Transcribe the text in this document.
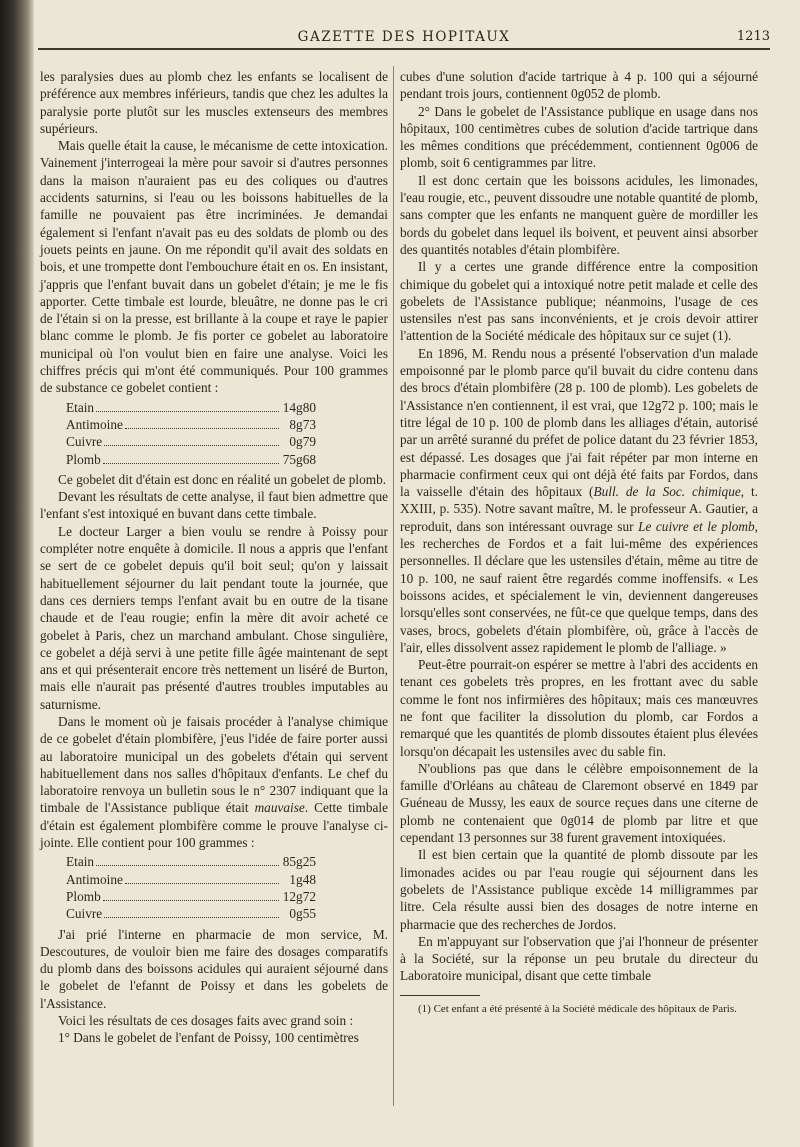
GAZETTE DES HOPITAUX	1213

les paralysies dues au plomb chez les enfants se localisent de préférence aux membres inférieurs, tandis que chez les adultes la paralysie porte plutôt sur les muscles extenseurs des membres supérieurs.

Mais quelle était la cause, le mécanisme de cette intoxication. Vainement j'interrogeai la mère pour savoir si d'autres personnes dans la maison n'auraient pas eu des coliques ou d'autres accidents saturnins, si l'eau ou les boissons habituelles de la famille ne pouvaient pas être incriminées. Je demandai également si l'enfant n'avait pas eu des soldats de plomb ou des jouets peints en jaune. On me répondit qu'il avait des soldats en bois, et une trompette dont l'embouchure était en os. En insistant, j'appris que l'enfant buvait dans un gobelet d'étain; je me le fis apporter. Cette timbale est lourde, bleuâtre, ne donne pas le cri de l'étain si on la presse, est brillante à la coupe et raye le papier blanc comme le plomb. Je fis porter ce gobelet au laboratoire municipal où l'on voulut bien en faire une analyse. Voici les chiffres précis qui m'ont été communiqués. Pour 100 grammes de substance ce gobelet contient :

Etain	14g80
Antimoine	8g73
Cuivre	0g79
Plomb	75g68

Ce gobelet dit d'étain est donc en réalité un gobelet de plomb.

Devant les résultats de cette analyse, il faut bien admettre que l'enfant s'est intoxiqué en buvant dans cette timbale.

Le docteur Larger a bien voulu se rendre à Poissy pour compléter notre enquête à domicile. Il nous a appris que l'enfant se sert de ce gobelet depuis qu'il boit seul; qu'on y laissait habituellement séjourner du lait pendant toute la journée, que dans ces derniers temps l'enfant avait bu en outre de la tisane chaude et de l'eau rougie; enfin la mère dit avoir acheté ce gobelet à Paris, chez un marchand ambulant. Chose singulière, ce gobelet a déjà servi à une petite fille âgée maintenant de sept ans et qui présenterait encore très nettement un liséré de Burton, mais elle n'aurait pas présenté d'autres troubles imputables au saturnisme.

Dans le moment où je faisais procéder à l'analyse chimique de ce gobelet d'étain plombifère, j'eus l'idée de faire porter aussi au laboratoire municipal un des gobelets d'étain qui servent habituellement dans nos salles d'hôpitaux d'enfants. Le chef du laboratoire renvoya un bulletin sous le n° 2307 indiquant que la timbale de l'Assistance publique était mauvaise. Cette timbale d'étain est également plombifère comme le prouve l'analyse ci-jointe. Elle contient pour 100 grammes :

Etain	85g25
Antimoine	1g48
Plomb	12g72
Cuivre	0g55

J'ai prié l'interne en pharmacie de mon service, M. Descoutures, de vouloir bien me faire des dosages comparatifs du plomb dans des boissons acidules qui auraient séjourné dans le gobelet de l'efannt de Poissy et dans les gobelets de l'Assistance.

Voici les résultats de ces dosages faits avec grand soin :

1° Dans le gobelet de l'enfant de Poissy, 100 centimètres

cubes d'une solution d'acide tartrique à 4 p. 100 qui a séjourné pendant trois jours, contiennent 0g052 de plomb.

2° Dans le gobelet de l'Assistance publique en usage dans nos hôpitaux, 100 centimètres cubes de solution d'acide tartrique dans les mêmes conditions que précédemment, contiennent 0g006 de plomb, soit 6 centigrammes par litre.

Il est donc certain que les boissons acidules, les limonades, l'eau rougie, etc., peuvent dissoudre une notable quantité de plomb, sans compter que les enfants ne manquent guère de mordiller les bords du gobelet dans lequel ils boivent, et peuvent ainsi absorber des quantités notables d'étain plombifère.

Il y a certes une grande différence entre la composition chimique du gobelet qui a intoxiqué notre petit malade et celle des gobelets de l'Assistance publique; néanmoins, l'usage de ces ustensiles n'est pas sans inconvénients, et je crois devoir attirer l'attention de la Société médicale des hôpitaux sur ce sujet (1).

En 1896, M. Rendu nous a présenté l'observation d'un malade empoisonné par le plomb parce qu'il buvait du cidre contenu dans des brocs d'étain plombifère (28 p. 100 de plomb). Les gobelets de l'Assistance n'en contiennent, il est vrai, que 12g72 p. 100; mais le titre légal de 10 p. 100 de plomb dans les alliages d'étain, autorisé par un arrêté suranné du préfet de police datant du 23 février 1853, est dépassé. Les dosages que j'ai fait répéter par mon interne en pharmacie confirment ceux qui ont déjà été faits par Fordos, dans la vaisselle d'étain des hôpitaux (Bull. de la Soc. chimique, t. XXIII, p. 535). Notre savant maître, M. le professeur A. Gautier, a reproduit, dans son intéressant ouvrage sur Le cuivre et le plomb, les recherches de Fordos et a fait lui-même des expériences personnelles. Il déclare que les ustensiles d'étain, même au titre de 10 p. 100, ne sauf raient être regardés comme inoffensifs. « Les boissons acides, et spécialement le vin, deviennent dangereuses lorsqu'elles sont conservées, ne fût-ce que quelque temps, dans des vases, brocs, gobelets d'étain plombifère, où, grâce à l'accès de l'air, elles dissolvent assez rapidement le plomb de l'alliage. »

Peut-être pourrait-on espérer se mettre à l'abri des accidents en tenant ces gobelets très propres, en les frottant avec du sable comme le font nos infirmières des hôpitaux; mais ces manœuvres ne font que faciliter la dissolution du plomb, car Fordos a remarqué que les quantités de plomb dissoutes étaient plus élevées lorsqu'on décapait les ustensiles avec du sable fin.

N'oublions pas que dans le célèbre empoisonnement de la famille d'Orléans au château de Claremont observé en 1849 par Guéneau de Mussy, les eaux de source reçues dans une citerne de plomb ne contenaient que 0g014 de plomb par litre et que cependant 13 personnes sur 38 furent gravement intoxiquées.

Il est bien certain que la quantité de plomb dissoute par les limonades acides ou par l'eau rougie qui séjournent dans les gobelets de l'Assistance publique excède 14 milligrammes par litre. Cela résulte aussi bien des dosages de notre interne en pharmacie que des recherches de Jordos.

En m'appuyant sur l'observation que j'ai l'honneur de présenter à la Société, sur la réponse un peu brutale du directeur du Laboratoire municipal, disant que cette timbale

(1) Cet enfant a été présenté à la Société médicale des hôpitaux de Paris.
